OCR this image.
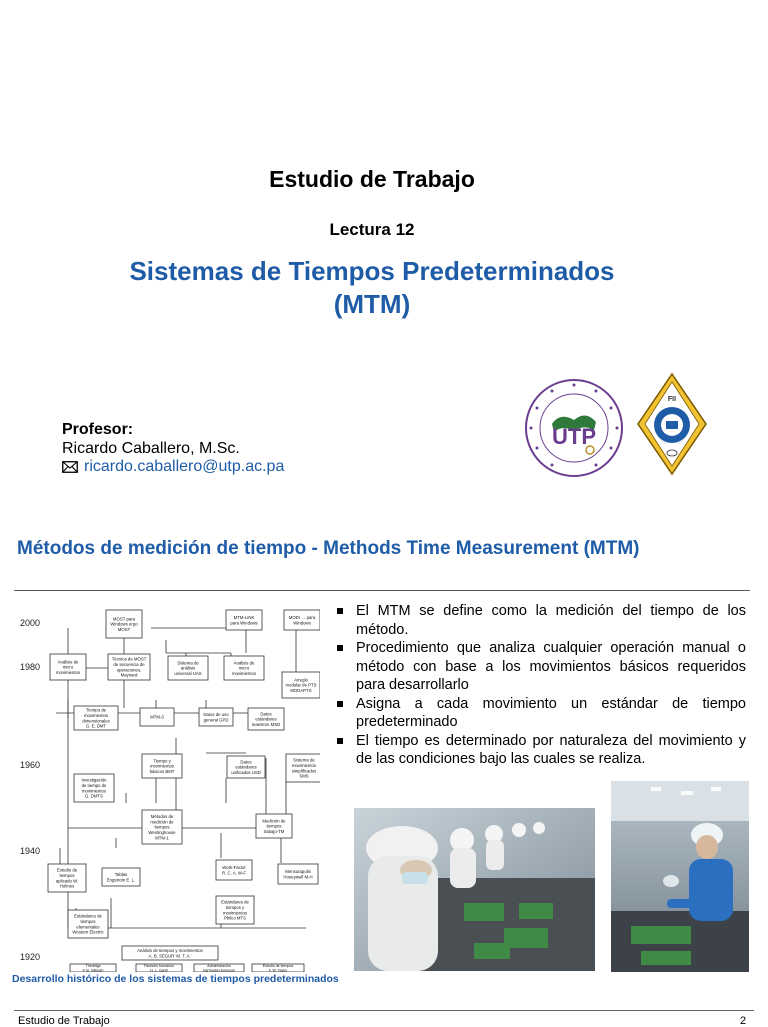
Estudio de Trabajo
Lectura 12
Sistemas de Tiempos Predeterminados
(MTM)
Profesor:
Ricardo Caballero, M.Sc.
ricardo.caballero@utp.ac.pa
UTP
FII
Métodos de medición de tiempo - Methods Time Measurement (MTM)
2000
1980
1960
1940
1920
MOST para
Windows ergo
MOST
MTM-LINK
para Windows
MODI → para
Windows
Análisis de
micro
movimientos
Técnica de MOST
de secuencia de
operaciones,
Maynard
Sistema de
análisis
universal UAS
Análisis de
micro
movimientos
Arreglo
modular de PTS
MODAPTS
Tiempo de
movimientos
dimensionales
G. E. DMT
MTM-3
Datos de uso
general GPD
Datos
estándares
maestros MSD
Tiempo y
movimientos
básicos BMT
Datos
estándares
unificados USD
Sistema de
movimientos
simplificados
SMS
Investigación
de tiempo de
movimientos
G. DMTS
Métodos de
medición de
tiempos
Westinghouse
MTM-1
Medición de
tiempos
trabajo-TM
Estudio de
tiempos
aplicado W.
Holmes
Tablas
Engstrom E. L.
Work-Factor
R. C. A. W-F	Mensurapolis
Honeywell M-H
Estándares de
tiempos
elementales
Western Electric
Estándares de
tiempos y
movimientos
Philco MTS
Análisis de tiempos y movimientos
A. B. SEGUR 'M. T. A.'
Therbligs
F. B. Gilbreth
Factores humanos
H. L. Gantt
Administración
Harrington Emerson
Estudio de tiempos
F. W. Taylor
Desarrollo histórico de los sistemas de tiempos predeterminados
El MTM se define como la medición del tiempo de los método.
Procedimiento que analiza cualquier operación manual o método con base a los movimientos básicos requeridos para desarrollarlo
Asigna a cada movimiento un estándar de tiempo predeterminado
El tiempo es determinado por naturaleza del movimiento y de las condiciones bajo las cuales se realiza.
Estudio de Trabajo	2
